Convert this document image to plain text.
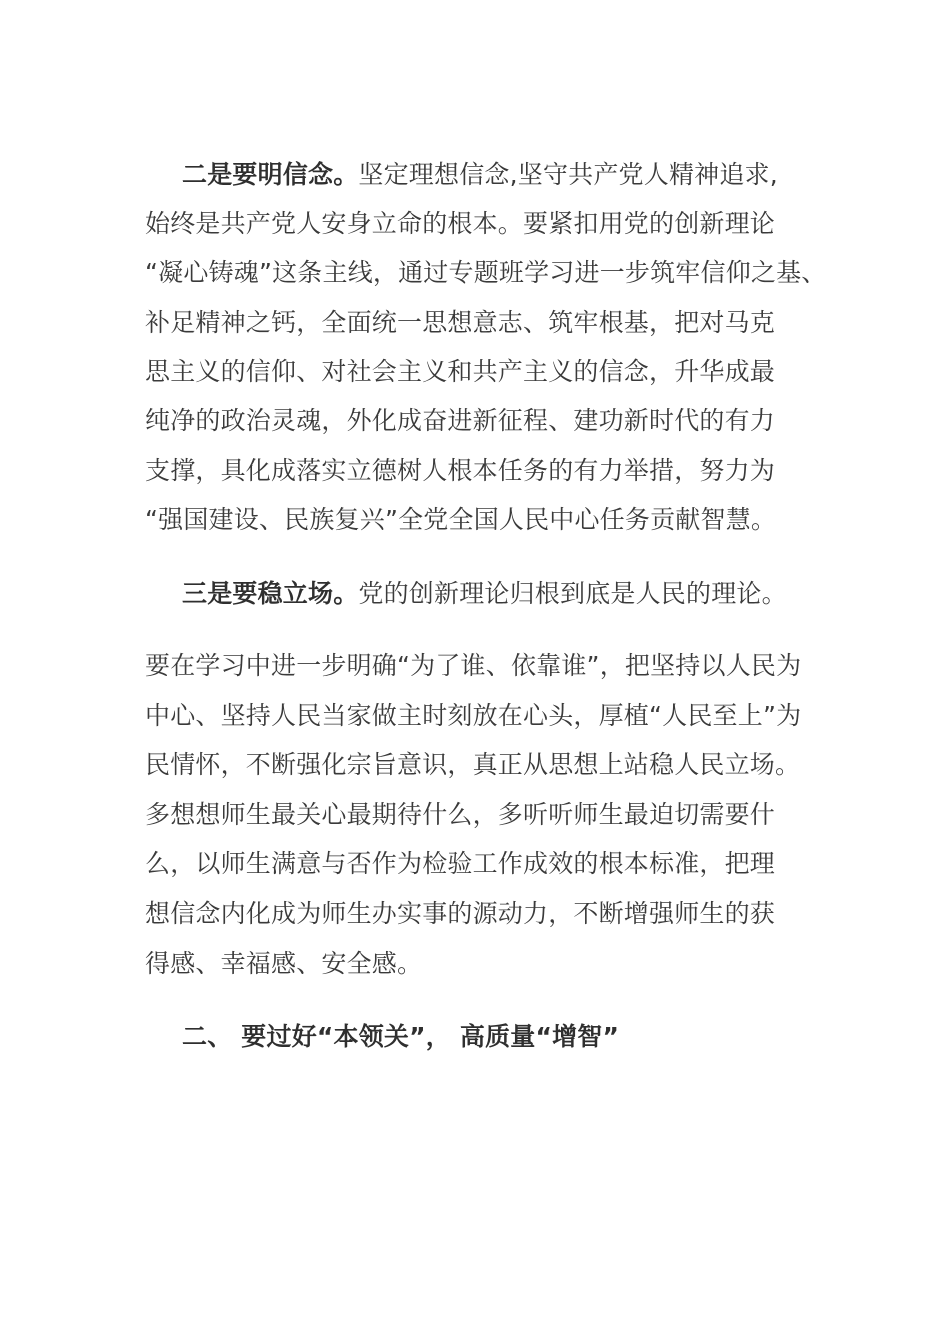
二是要明信念。坚定理想信念,坚守共产党人精神追求,
始终是共产党人安身立命的根本。要紧扣用党的创新理论
“凝心铸魂”这条主线，通过专题班学习进一步筑牢信仰之基、
补足精神之钙，全面统一思想意志、筑牢根基，把对马克
思主义的信仰、对社会主义和共产主义的信念，升华成最
纯净的政治灵魂，外化成奋进新征程、建功新时代的有力
支撑，具化成落实立德树人根本任务的有力举措，努力为
“强国建设、民族复兴”全党全国人民中心任务贡献智慧。
三是要稳立场。党的创新理论归根到底是人民的理论。
要在学习中进一步明确“为了谁、依靠谁”，把坚持以人民为
中心、坚持人民当家做主时刻放在心头，厚植“人民至上”为
民情怀，不断强化宗旨意识，真正从思想上站稳人民立场。
多想想师生最关心最期待什么，多听听师生最迫切需要什
么，以师生满意与否作为检验工作成效的根本标准，把理
想信念内化成为师生办实事的源动力，不断增强师生的获
得感、幸福感、安全感。
二、 要过好“本领关”， 高质量“增智”
